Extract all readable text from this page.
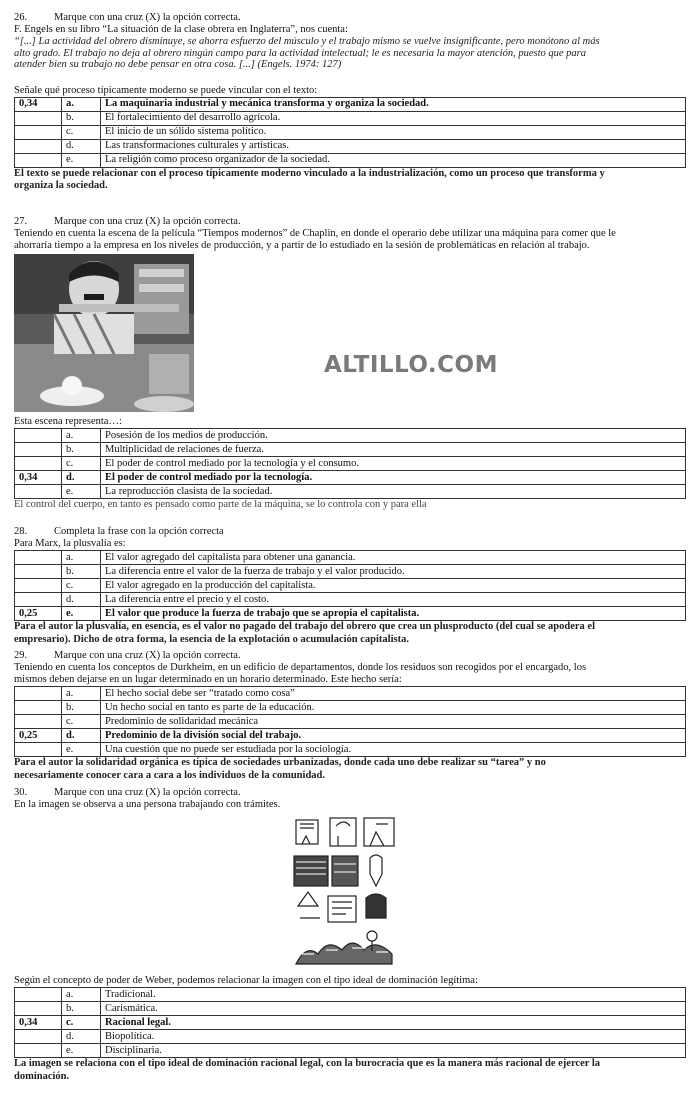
26.	Marque con una cruz (X) la opción correcta.
F. Engels en su libro “La situación de la clase obrera en Inglaterra”, nos cuenta:
“[...] La actividad del obrero disminuye, se ahorra esfuerzo del músculo y el trabajo mismo se vuelve insignificante, pero monótono al más
alto grado. El trabajo no deja al obrero ningún campo para la actividad intelectual; le es necesaria la mayor atención, puesto que para
atender bien su trabajo no debe pensar en otra cosa. [...] (Engels. 1974: 127)
Señale qué proceso típicamente moderno se puede vincular con el texto:
0,34	a.	La maquinaria industrial y mecánica transforma y organiza la sociedad.
	b.	El fortalecimiento del desarrollo agrícola.
	c.	El inicio de un sólido sistema político.
	d.	Las transformaciones culturales y artísticas.
	e.	La religión como proceso organizador de la sociedad.
El texto se puede relacionar con el proceso típicamente moderno vinculado a la industrialización, como un proceso que transforma y
organiza la sociedad.
27.	Marque con una cruz (X) la opción correcta.
Teniendo en cuenta la escena de la película “Tiempos modernos” de Chaplin, en donde el operario debe utilizar una máquina para comer que le
ahorraría tiempo a la empresa en los niveles de producción, y a partir de lo estudiado en la sesión de problemáticas en relación al trabajo.
ALTILLO.COM
Esta escena representa…:
	a.	Posesión de los medios de producción.
	b.	Multiplicidad de relaciones de fuerza.
	c.	El poder de control mediado por la tecnología y el consumo.
0,34	d.	El poder de control mediado por la tecnología.
	e.	La reproducción clasista de la sociedad.
El control del cuerpo, en tanto es pensado como parte de la máquina, se lo controla con y para ella
28.	Completa la frase con la opción correcta
Para Marx, la plusvalía es:
	a.	El valor agregado del capitalista para obtener una ganancia.
	b.	La diferencia entre el valor de la fuerza de trabajo y el valor producido.
	c.	El valor agregado en la producción del capitalista.
	d.	La diferencia entre el precio y el costo.
0,25	e.	El valor que produce la fuerza de trabajo que se apropia el capitalista.
Para el autor la plusvalía, en esencia, es el valor no pagado del trabajo del obrero que crea un plusproducto (del cual se apodera el
empresario). Dicho de otra forma, la esencia de la explotación o acumulación capitalista.
29.	Marque con una cruz (X) la opción correcta.
Teniendo en cuenta los conceptos de Durkheim, en un edificio de departamentos, donde los residuos son recogidos por el encargado, los
mismos deben dejarse en un lugar determinado en un horario determinado. Este hecho sería:
	a.	El hecho social debe ser “tratado como cosa”
	b.	Un hecho social en tanto es parte de la educación.
	c.	Predominio de solidaridad mecánica
0,25	d.	Predominio de la división social del trabajo.
	e.	Una cuestión que no puede ser estudiada por la sociología.
Para el autor la solidaridad orgánica es típica de sociedades urbanizadas, donde cada uno debe realizar su “tarea” y no
necesariamente conocer cara a cara a los individuos de la comunidad.
30.	Marque con una cruz (X) la opción correcta.
En la imagen se observa a una persona trabajando con trámites.
Según el concepto de poder de Weber, podemos relacionar la imagen con el tipo ideal de dominación legítima:
	a.	Tradicional.
	b.	Carismática.
0,34	c.	Racional legal.
	d.	Biopolítica.
	e.	Disciplinaria.
La imagen se relaciona con el tipo ideal de dominación racional legal, con la burocracia que es la manera más racional de ejercer la
dominación.
